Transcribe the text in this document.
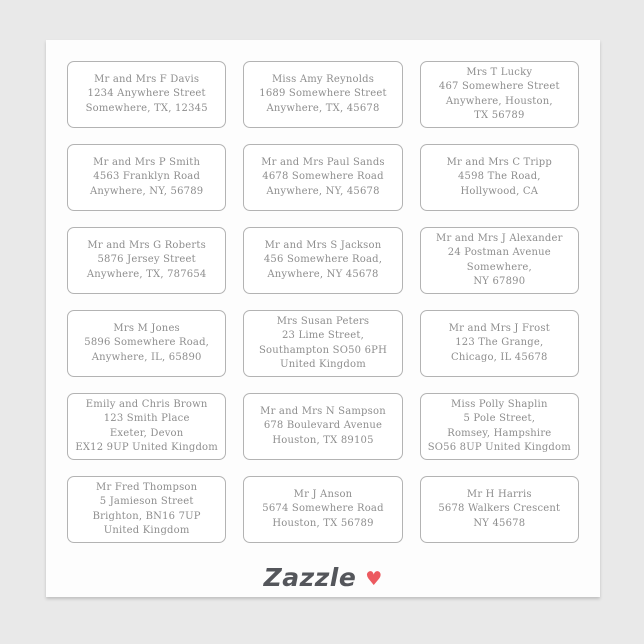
Mr and Mrs F Davis
1234 Anywhere Street
Somewhere, TX, 12345
Miss Amy Reynolds
1689 Somewhere Street
Anywhere, TX, 45678
Mrs T Lucky
467 Somewhere Street
Anywhere, Houston,
TX 56789
Mr and Mrs P Smith
4563 Franklyn Road
Anywhere, NY, 56789
Mr and Mrs Paul Sands
4678 Somewhere Road
Anywhere, NY, 45678
Mr and Mrs C Tripp
4598 The Road,
Hollywood, CA
Mr and Mrs G Roberts
5876 Jersey Street
Anywhere, TX, 787654
Mr and Mrs S Jackson
456 Somewhere Road,
Anywhere, NY 45678
Mr and Mrs J Alexander
24 Postman Avenue
Somewhere,
NY 67890
Mrs M Jones
5896 Somewhere Road,
Anywhere, IL, 65890
Mrs Susan Peters
23 Lime Street,
Southampton SO50 6PH
United Kingdom
Mr and Mrs J Frost
123 The Grange,
Chicago, IL 45678
Emily and Chris Brown
123 Smith Place
Exeter, Devon
EX12 9UP United Kingdom
Mr and Mrs N Sampson
678 Boulevard Avenue
Houston, TX 89105
Miss Polly Shaplin
5 Pole Street,
Romsey, Hampshire
SO56 8UP United Kingdom
Mr Fred Thompson
5 Jamieson Street
Brighton, BN16 7UP
United Kingdom
Mr J Anson
5674 Somewhere Road
Houston, TX 56789
Mr H Harris
5678 Walkers Crescent
NY 45678
Zazzle ♥
